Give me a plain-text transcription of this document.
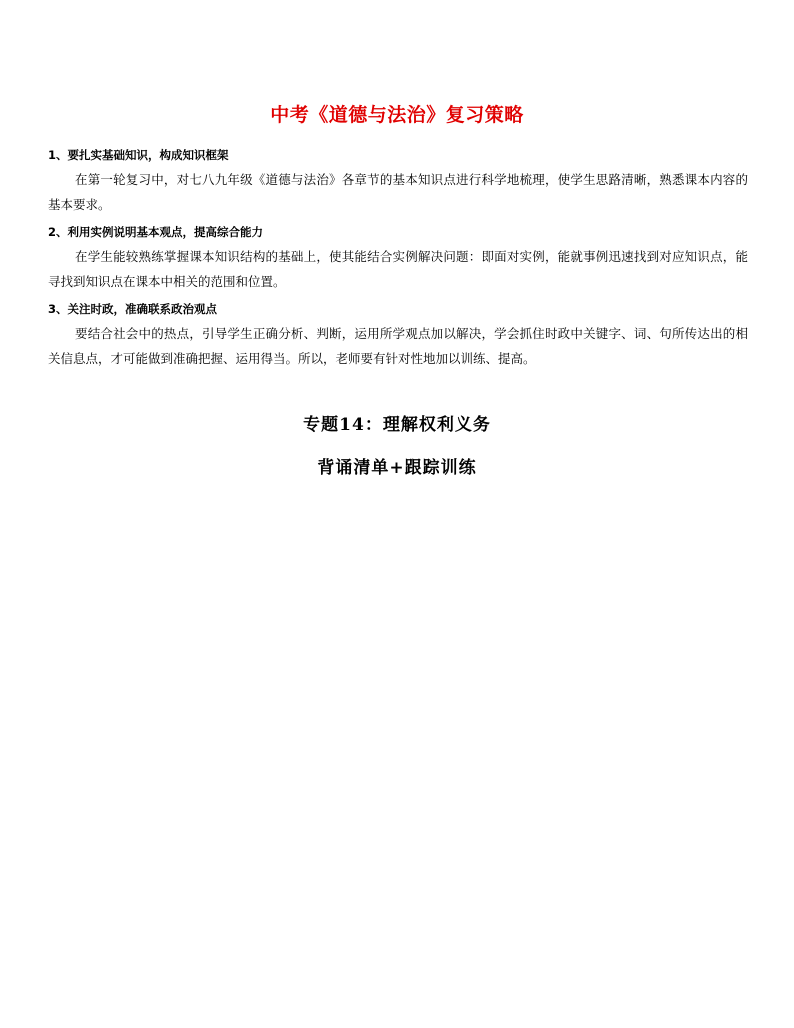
中考《道德与法治》复习策略

1、要扎实基础知识，构成知识框架

在第一轮复习中，对七八九年级《道德与法治》各章节的基本知识点进行科学地梳理，使学生思路清晰，熟悉课本内容的基本要求。

2、利用实例说明基本观点，提高综合能力

在学生能较熟练掌握课本知识结构的基础上，使其能结合实例解决问题：即面对实例，能就事例迅速找到对应知识点，能寻找到知识点在课本中相关的范围和位置。

3、关注时政，准确联系政治观点

要结合社会中的热点，引导学生正确分析、判断，运用所学观点加以解决，学会抓住时政中关键字、词、句所传达出的相关信息点，才可能做到准确把握、运用得当。所以，老师要有针对性地加以训练、提高。

专题14：理解权利义务
背诵清单+跟踪训练
